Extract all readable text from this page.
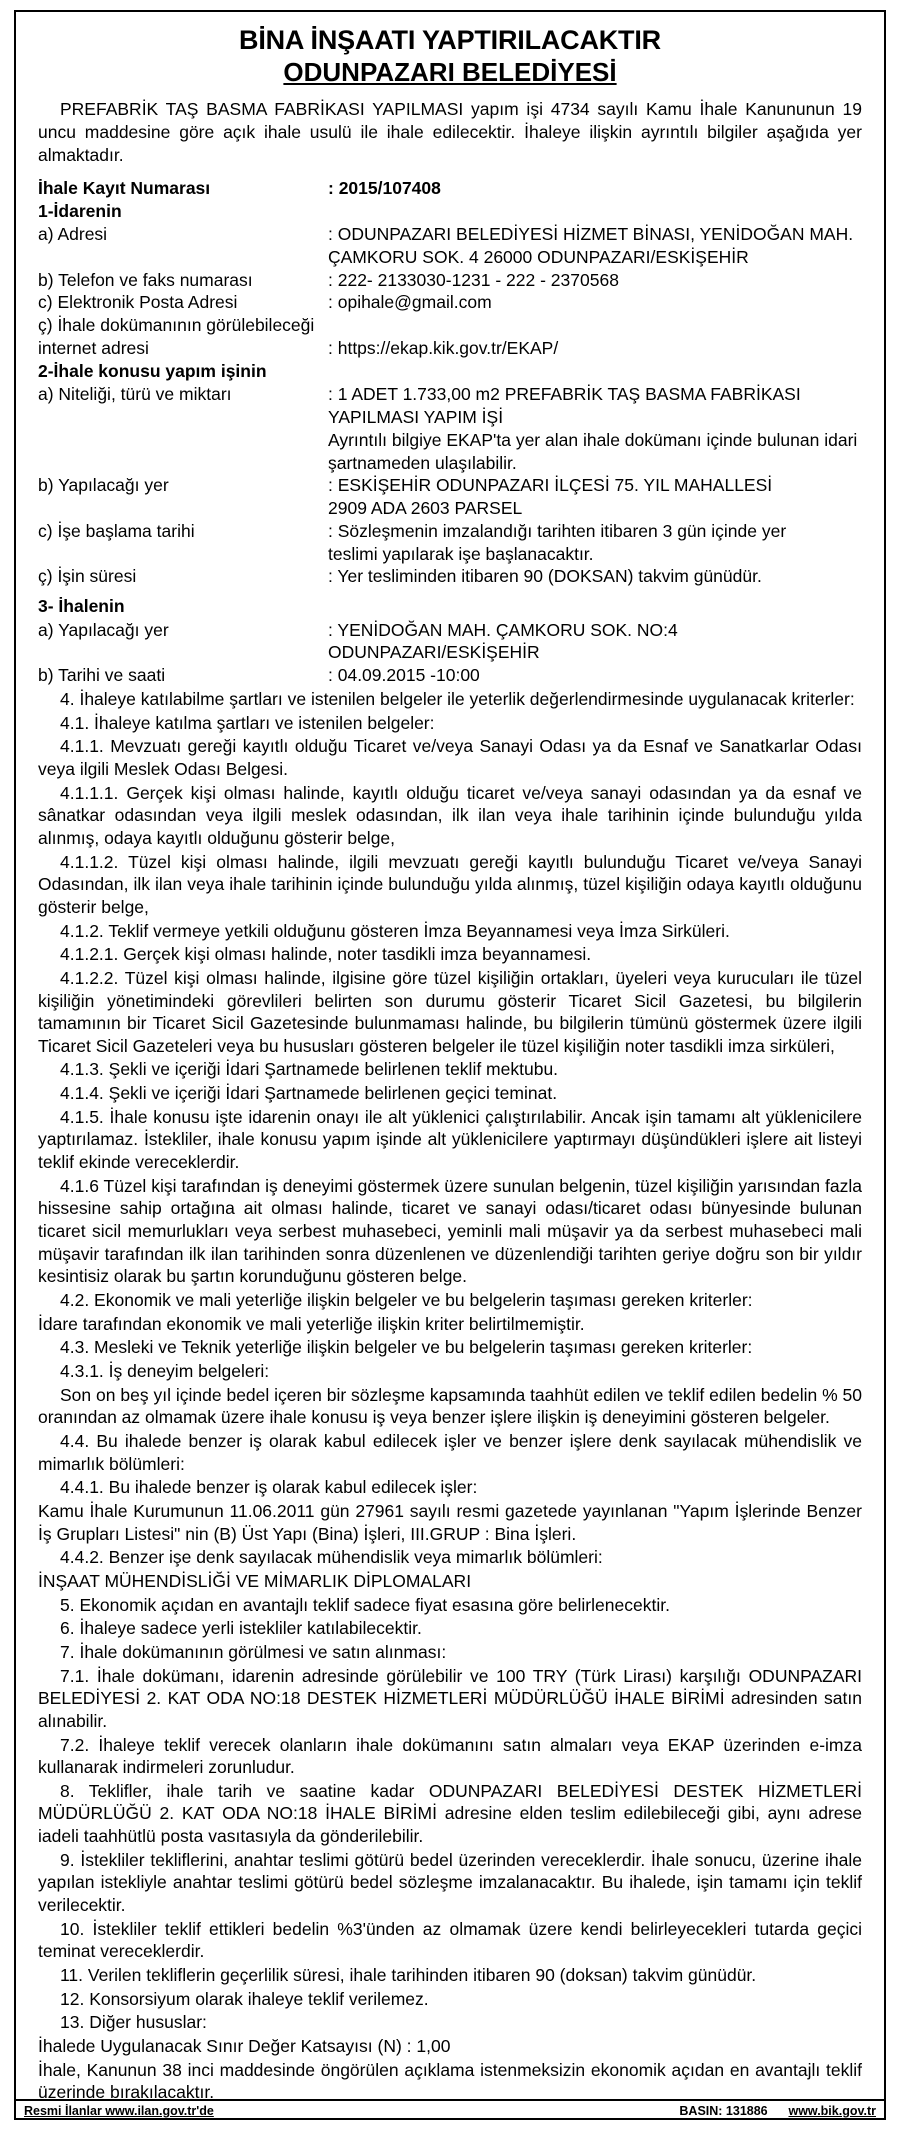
BİNA İNŞAATI YAPTIRILACAKTIR
ODUNPAZARI BELEDİYESİ
PREFABRİK TAŞ BASMA FABRİKASI YAPILMASI yapım işi 4734 sayılı Kamu İhale Kanununun 19 uncu maddesine göre açık ihale usulü ile ihale edilecektir. İhaleye ilişkin ayrıntılı bilgiler aşağıda yer almaktadır.
İhale Kayıt Numarası	: 2015/107408
1-İdarenin
a) Adresi	: ODUNPAZARI BELEDİYESİ HİZMET BİNASI, YENİDOĞAN MAH.
ÇAMKORU SOK. 4 26000 ODUNPAZARI/ESKİŞEHİR
b) Telefon ve faks numarası	: 222- 2133030-1231 - 222 - 2370568
c) Elektronik Posta Adresi	: opihale@gmail.com
ç) İhale dokümanının görülebileceği
internet adresi	: https://ekap.kik.gov.tr/EKAP/
2-İhale konusu yapım işinin
a) Niteliği, türü ve miktarı	: 1 ADET 1.733,00 m2 PREFABRİK TAŞ BASMA FABRİKASI
YAPILMASI YAPIM İŞİ
Ayrıntılı bilgiye EKAP'ta yer alan ihale dokümanı içinde bulunan idari
şartnameden ulaşılabilir.
b) Yapılacağı yer	: ESKİŞEHİR ODUNPAZARI İLÇESİ 75. YIL MAHALLESİ
2909 ADA 2603 PARSEL
c) İşe başlama tarihi	: Sözleşmenin imzalandığı tarihten itibaren 3 gün içinde yer
teslimi yapılarak işe başlanacaktır.
ç) İşin süresi	: Yer tesliminden itibaren 90 (DOKSAN) takvim günüdür.
3- İhalenin
a) Yapılacağı yer	: YENİDOĞAN MAH. ÇAMKORU SOK. NO:4 ODUNPAZARI/ESKİŞEHİR
b) Tarihi ve saati	: 04.09.2015 -10:00
4. İhaleye katılabilme şartları ve istenilen belgeler ile yeterlik değerlendirmesinde uygulanacak kriterler:
4.1. İhaleye katılma şartları ve istenilen belgeler:
4.1.1. Mevzuatı gereği kayıtlı olduğu Ticaret ve/veya Sanayi Odası ya da Esnaf ve Sanatkarlar Odası veya ilgili Meslek Odası Belgesi.
4.1.1.1. Gerçek kişi olması halinde, kayıtlı olduğu ticaret ve/veya sanayi odasından ya da esnaf ve sânatkar odasından veya ilgili meslek odasından, ilk ilan veya ihale tarihinin içinde bulunduğu yılda alınmış, odaya kayıtlı olduğunu gösterir belge,
4.1.1.2. Tüzel kişi olması halinde, ilgili mevzuatı gereği kayıtlı bulunduğu Ticaret ve/veya Sanayi Odasından, ilk ilan veya ihale tarihinin içinde bulunduğu yılda alınmış, tüzel kişiliğin odaya kayıtlı olduğunu gösterir belge,
4.1.2. Teklif vermeye yetkili olduğunu gösteren İmza Beyannamesi veya İmza Sirküleri.
4.1.2.1. Gerçek kişi olması halinde, noter tasdikli imza beyannamesi.
4.1.2.2. Tüzel kişi olması halinde, ilgisine göre tüzel kişiliğin ortakları, üyeleri veya kurucuları ile tüzel kişiliğin yönetimindeki görevlileri belirten son durumu gösterir Ticaret Sicil Gazetesi, bu bilgilerin tamamının bir Ticaret Sicil Gazetesinde bulunmaması halinde, bu bilgilerin tümünü göstermek üzere ilgili Ticaret Sicil Gazeteleri veya bu hususları gösteren belgeler ile tüzel kişiliğin noter tasdikli imza sirküleri,
4.1.3. Şekli ve içeriği İdari Şartnamede belirlenen teklif mektubu.
4.1.4. Şekli ve içeriği İdari Şartnamede belirlenen geçici teminat.
4.1.5. İhale konusu işte idarenin onayı ile alt yüklenici çalıştırılabilir. Ancak işin tamamı alt yüklenicilere yaptırılamaz. İstekliler, ihale konusu yapım işinde alt yüklenicilere yaptırmayı düşündükleri işlere ait listeyi teklif ekinde vereceklerdir.
4.1.6 Tüzel kişi tarafından iş deneyimi göstermek üzere sunulan belgenin, tüzel kişiliğin yarısından fazla hissesine sahip ortağına ait olması halinde, ticaret ve sanayi odası/ticaret odası bünyesinde bulunan ticaret sicil memurlukları veya serbest muhasebeci, yeminli mali müşavir ya da serbest muhasebeci mali müşavir tarafından ilk ilan tarihinden sonra düzenlenen ve düzenlendiği tarihten geriye doğru son bir yıldır kesintisiz olarak bu şartın korunduğunu gösteren belge.
4.2. Ekonomik ve mali yeterliğe ilişkin belgeler ve bu belgelerin taşıması gereken kriterler:
İdare tarafından ekonomik ve mali yeterliğe ilişkin kriter belirtilmemiştir.
4.3. Mesleki ve Teknik yeterliğe ilişkin belgeler ve bu belgelerin taşıması gereken kriterler:
4.3.1. İş deneyim belgeleri:
Son on beş yıl içinde bedel içeren bir sözleşme kapsamında taahhüt edilen ve teklif edilen bedelin % 50 oranından az olmamak üzere ihale konusu iş veya benzer işlere ilişkin iş deneyimini gösteren belgeler.
4.4. Bu ihalede benzer iş olarak kabul edilecek işler ve benzer işlere denk sayılacak mühendislik ve mimarlık bölümleri:
4.4.1. Bu ihalede benzer iş olarak kabul edilecek işler:
Kamu İhale Kurumunun 11.06.2011 gün 27961 sayılı resmi gazetede yayınlanan "Yapım İşlerinde Benzer İş Grupları Listesi" nin (B) Üst Yapı (Bina) İşleri, III.GRUP : Bina İşleri.
4.4.2. Benzer işe denk sayılacak mühendislik veya mimarlık bölümleri:
İNŞAAT MÜHENDİSLİĞİ VE MİMARLIK DİPLOMALARI
5. Ekonomik açıdan en avantajlı teklif sadece fiyat esasına göre belirlenecektir.
6. İhaleye sadece yerli istekliler katılabilecektir.
7. İhale dokümanının görülmesi ve satın alınması:
7.1. İhale dokümanı, idarenin adresinde görülebilir ve 100 TRY (Türk Lirası) karşılığı ODUNPAZARI BELEDİYESİ 2. KAT ODA NO:18 DESTEK HİZMETLERİ MÜDÜRLÜĞÜ İHALE BİRİMİ adresinden satın alınabilir.
7.2. İhaleye teklif verecek olanların ihale dokümanını satın almaları veya EKAP üzerinden e-imza kullanarak indirmeleri zorunludur.
8. Teklifler, ihale tarih ve saatine kadar ODUNPAZARI BELEDİYESİ DESTEK HİZMETLERİ MÜDÜRLÜĞÜ 2. KAT ODA NO:18 İHALE BİRİMİ adresine elden teslim edilebileceği gibi, aynı adrese iadeli taahhütlü posta vasıtasıyla da gönderilebilir.
9. İstekliler tekliflerini, anahtar teslimi götürü bedel üzerinden vereceklerdir. İhale sonucu, üzerine ihale yapılan istekliyle anahtar teslimi götürü bedel sözleşme imzalanacaktır. Bu ihalede, işin tamamı için teklif verilecektir.
10. İstekliler teklif ettikleri bedelin %3'ünden az olmamak üzere kendi belirleyecekleri tutarda geçici teminat vereceklerdir.
11. Verilen tekliflerin geçerlilik süresi, ihale tarihinden itibaren 90 (doksan) takvim günüdür.
12. Konsorsiyum olarak ihaleye teklif verilemez.
13. Diğer hususlar:
İhalede Uygulanacak Sınır Değer Katsayısı (N) : 1,00
İhale, Kanunun 38 inci maddesinde öngörülen açıklama istenmeksizin ekonomik açıdan en avantajlı teklif üzerinde bırakılacaktır.
Resmi İlanlar www.ilan.gov.tr'de	BASIN: 131886 www.bik.gov.tr
